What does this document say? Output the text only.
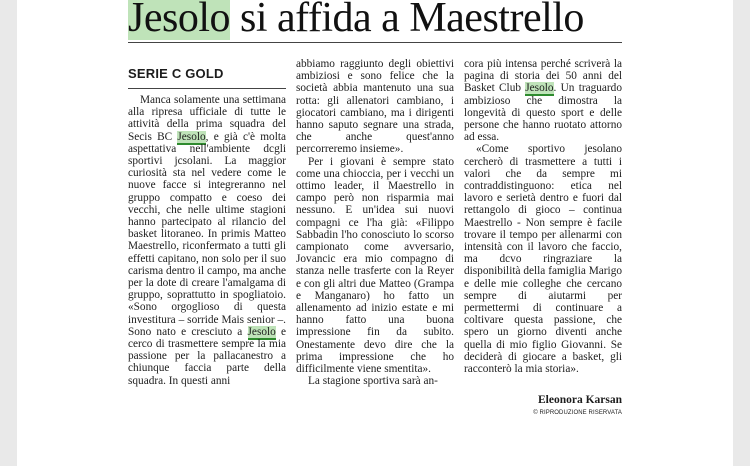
Jesolo si affida a Maestrello
SERIE C GOLD

Manca solamente una settimana alla ripresa ufficiale di tutte le attività della prima squadra del Secis BC Jesolo, e già c'è molta aspettativa nell'ambiente dcgli sportivi jcsolani. La maggior curiosità sta nel vedere come le nuove facce si integreranno nel gruppo compatto e coeso dei vecchi, che nelle ultime stagioni hanno partecipato al rilancio del basket litoraneo. In primis Matteo Maestrello, riconfermato a tutti gli effetti capitano, non solo per il suo carisma dentro il campo, ma anche per la dote di creare l'amalgama di gruppo, soprattutto in spogliatoio. «Sono orgoglioso di questa investitura – sorride Mais senior –. Sono nato e cresciuto a Jesolo e cerco di trasmettere sempre la mia passione per la pallacanestro a chiunque faccia parte della squadra. In questi anni

abbiamo raggiunto degli obiettivi ambiziosi e sono felice che la società abbia mantenuto una sua rotta: gli allenatori cambiano, i giocatori cambiano, ma i dirigenti hanno saputo segnare una strada, che anche quest'anno percorreremo insieme».

Per i giovani è sempre stato come una chioccia, per i vecchi un ottimo leader, il Maestrello in campo però non risparmia mai nessuno. E un'idea sui nuovi compagni ce l'ha già: «Filippo Sabbadin l'ho conosciuto lo scorso campionato come avversario, Jovancic era mio compagno di stanza nelle trasferte con la Reyer e con gli altri due Matteo (Grampa e Manganaro) ho fatto un allenamento ad inizio estate e mi hanno fatto una buona impressione fin da subito. Onestamente devo dire che la prima impressione che ho difficilmente viene smentita».

La stagione sportiva sarà an-

cora più intensa perché scriverà la pagina di storia dei 50 anni del Basket Club Jesolo. Un traguardo ambizioso che dimostra la longevità di questo sport e delle persone che hanno ruotato attorno ad essa.

«Come sportivo jesolano cercherò di trasmettere a tutti i valori che da sempre mi contraddistinguono: etica nel lavoro e serietà dentro e fuori dal rettangolo di gioco – continua Maestrello - Non sempre è facile trovare il tempo per allenarmi con intensità con il lavoro che faccio, ma dcvo ringraziare la disponibilità della famiglia Marigo e delle mie colleghe che cercano sempre di aiutarmi per permettermi di continuare a coltivare questa passione, che spero un giorno diventi anche quella di mio figlio Giovanni. Se deciderà di giocare a basket, gli racconterò la mia storia».

Eleonora Karsan
© RIPRODUZIONE RISERVATA
